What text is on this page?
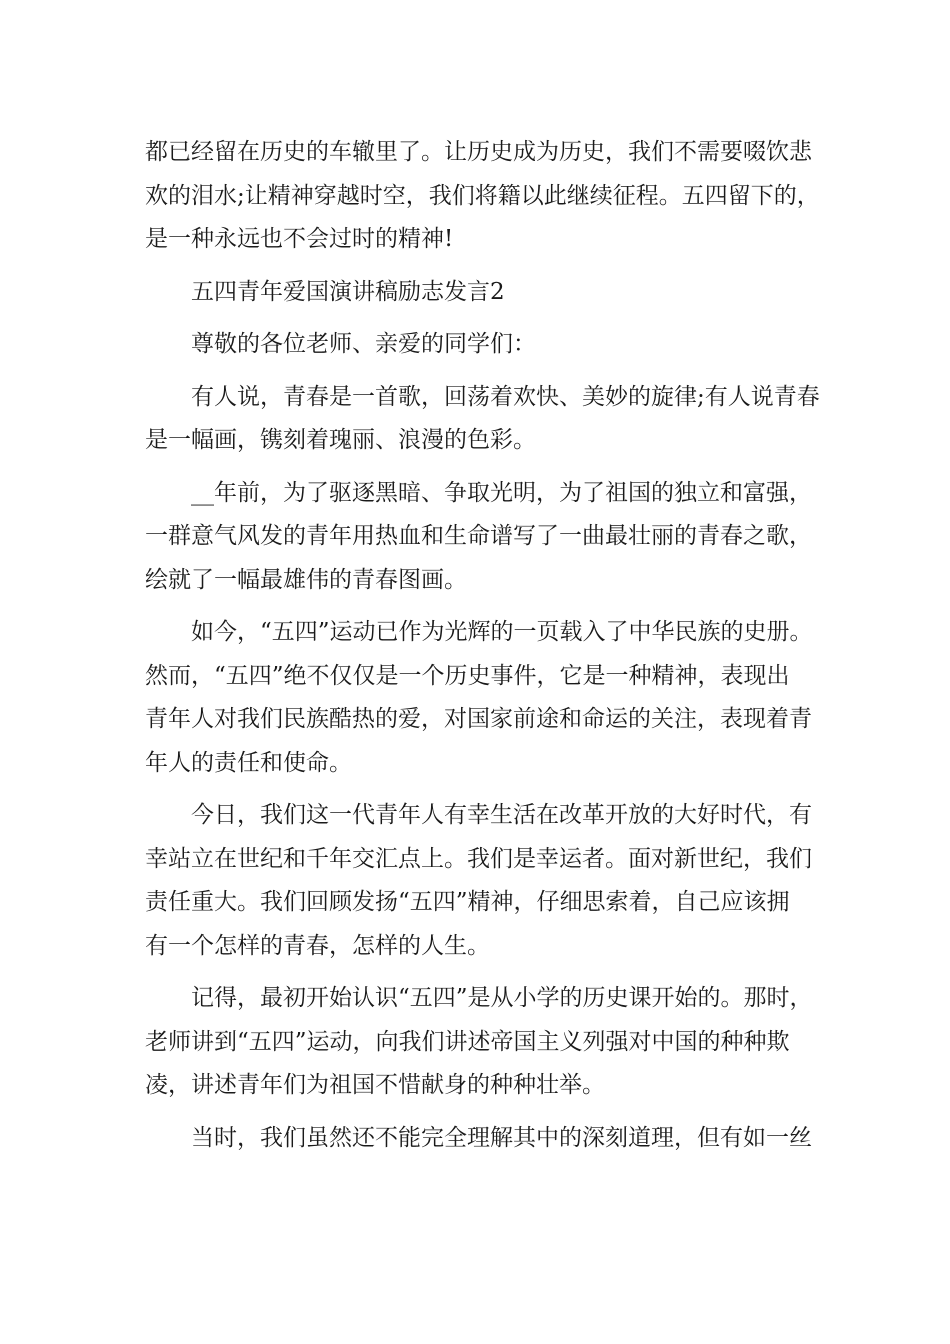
都已经留在历史的车辙里了。让历史成为历史，我们不需要啜饮悲
欢的泪水;让精神穿越时空，我们将籍以此继续征程。五四留下的，
是一种永远也不会过时的精神!
五四青年爱国演讲稿励志发言2
尊敬的各位老师、亲爱的同学们：
有人说，青春是一首歌，回荡着欢快、美妙的旋律;有人说青春
是一幅画，镌刻着瑰丽、浪漫的色彩。
__年前，为了驱逐黑暗、争取光明，为了祖国的独立和富强，
一群意气风发的青年用热血和生命谱写了一曲最壮丽的青春之歌，
绘就了一幅最雄伟的青春图画。
如今，“五四”运动已作为光辉的一页载入了中华民族的史册。
然而，“五四”绝不仅仅是一个历史事件，它是一种精神，表现出
青年人对我们民族酷热的爱，对国家前途和命运的关注，表现着青
年人的责任和使命。
今日，我们这一代青年人有幸生活在改革开放的大好时代，有
幸站立在世纪和千年交汇点上。我们是幸运者。面对新世纪，我们
责任重大。我们回顾发扬“五四”精神，仔细思索着，自己应该拥
有一个怎样的青春，怎样的人生。
记得，最初开始认识“五四”是从小学的历史课开始的。那时，
老师讲到“五四”运动，向我们讲述帝国主义列强对中国的种种欺
凌，讲述青年们为祖国不惜献身的种种壮举。
当时，我们虽然还不能完全理解其中的深刻道理，但有如一丝
